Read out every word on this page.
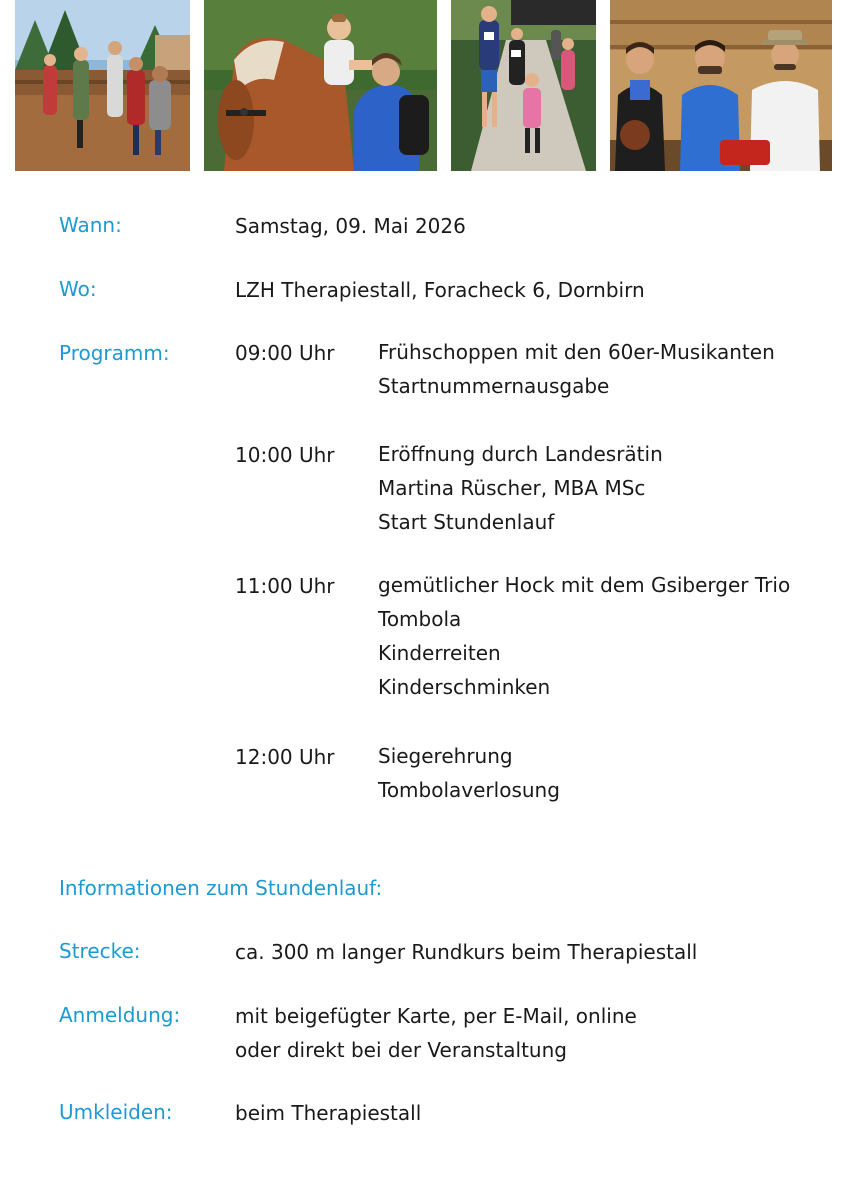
Wann:	Samstag, 09. Mai 2026
Wo:	LZH Therapiestall, Foracheck 6, Dornbirn
Programm:	09:00 Uhr Frühschoppen mit den 60er-Musikanten
Startnummernausgabe
10:00 Uhr Eröffnung durch Landesrätin
Martina Rüscher, MBA MSc
Start Stundenlauf
11:00 Uhr gemütlicher Hock mit dem Gsiberger Trio
Tombola
Kinderreiten
Kinderschminken
12:00 Uhr Siegerehrung
Tombolaverlosung
Informationen zum Stundenlauf:
Strecke:	ca. 300 m langer Rundkurs beim Therapiestall
Anmeldung:	mit beigefügter Karte, per E-Mail, online
oder direkt bei der Veranstaltung
Umkleiden:	beim Therapiestall
